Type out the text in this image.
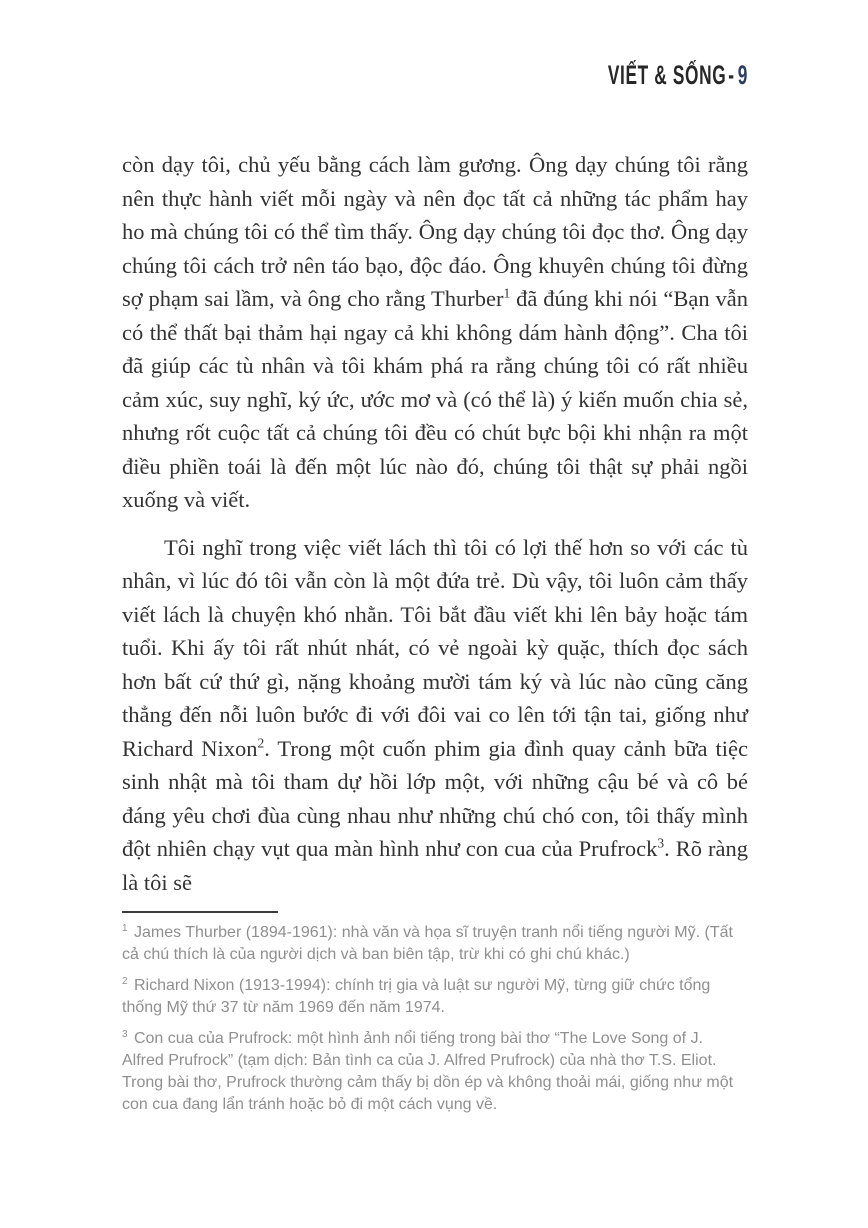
VIẾT & SỐNG- 9

còn dạy tôi, chủ yếu bằng cách làm gương. Ông dạy chúng tôi rằng nên thực hành viết mỗi ngày và nên đọc tất cả những tác phẩm hay ho mà chúng tôi có thể tìm thấy. Ông dạy chúng tôi đọc thơ. Ông dạy chúng tôi cách trở nên táo bạo, độc đáo. Ông khuyên chúng tôi đừng sợ phạm sai lầm, và ông cho rằng Thurber$^1$ đã đúng khi nói “Bạn vẫn có thể thất bại thảm hại ngay cả khi không dám hành động”. Cha tôi đã giúp các tù nhân và tôi khám phá ra rằng chúng tôi có rất nhiều cảm xúc, suy nghĩ, ký ức, ước mơ và (có thể là) ý kiến muốn chia sẻ, nhưng rốt cuộc tất cả chúng tôi đều có chút bực bội khi nhận ra một điều phiền toái là đến một lúc nào đó, chúng tôi thật sự phải ngồi xuống và viết.

Tôi nghĩ trong việc viết lách thì tôi có lợi thế hơn so với các tù nhân, vì lúc đó tôi vẫn còn là một đứa trẻ. Dù vậy, tôi luôn cảm thấy viết lách là chuyện khó nhằn. Tôi bắt đầu viết khi lên bảy hoặc tám tuổi. Khi ấy tôi rất nhút nhát, có vẻ ngoài kỳ quặc, thích đọc sách hơn bất cứ thứ gì, nặng khoảng mười tám ký và lúc nào cũng căng thẳng đến nỗi luôn bước đi với đôi vai co lên tới tận tai, giống như Richard Nixon$^2$. Trong một cuốn phim gia đình quay cảnh bữa tiệc sinh nhật mà tôi tham dự hồi lớp một, với những cậu bé và cô bé đáng yêu chơi đùa cùng nhau như những chú chó con, tôi thấy mình đột nhiên chạy vụt qua màn hình như con cua của Prufrock$^3$. Rõ ràng là tôi sẽ

$^1$ James Thurber (1894-1961): nhà văn và họa sĩ truyện tranh nổi tiếng người Mỹ. (Tất cả chú thích là của người dịch và ban biên tập, trừ khi có ghi chú khác.)
$^2$ Richard Nixon (1913-1994): chính trị gia và luật sư người Mỹ, từng giữ chức tổng thống Mỹ thứ 37 từ năm 1969 đến năm 1974.
$^3$ Con cua của Prufrock: một hình ảnh nổi tiếng trong bài thơ “The Love Song of J. Alfred Prufrock” (tạm dịch: Bản tình ca của J. Alfred Prufrock) của nhà thơ T.S. Eliot. Trong bài thơ, Prufrock thường cảm thấy bị dồn ép và không thoải mái, giống như một con cua đang lẩn tránh hoặc bỏ đi một cách vụng về.
